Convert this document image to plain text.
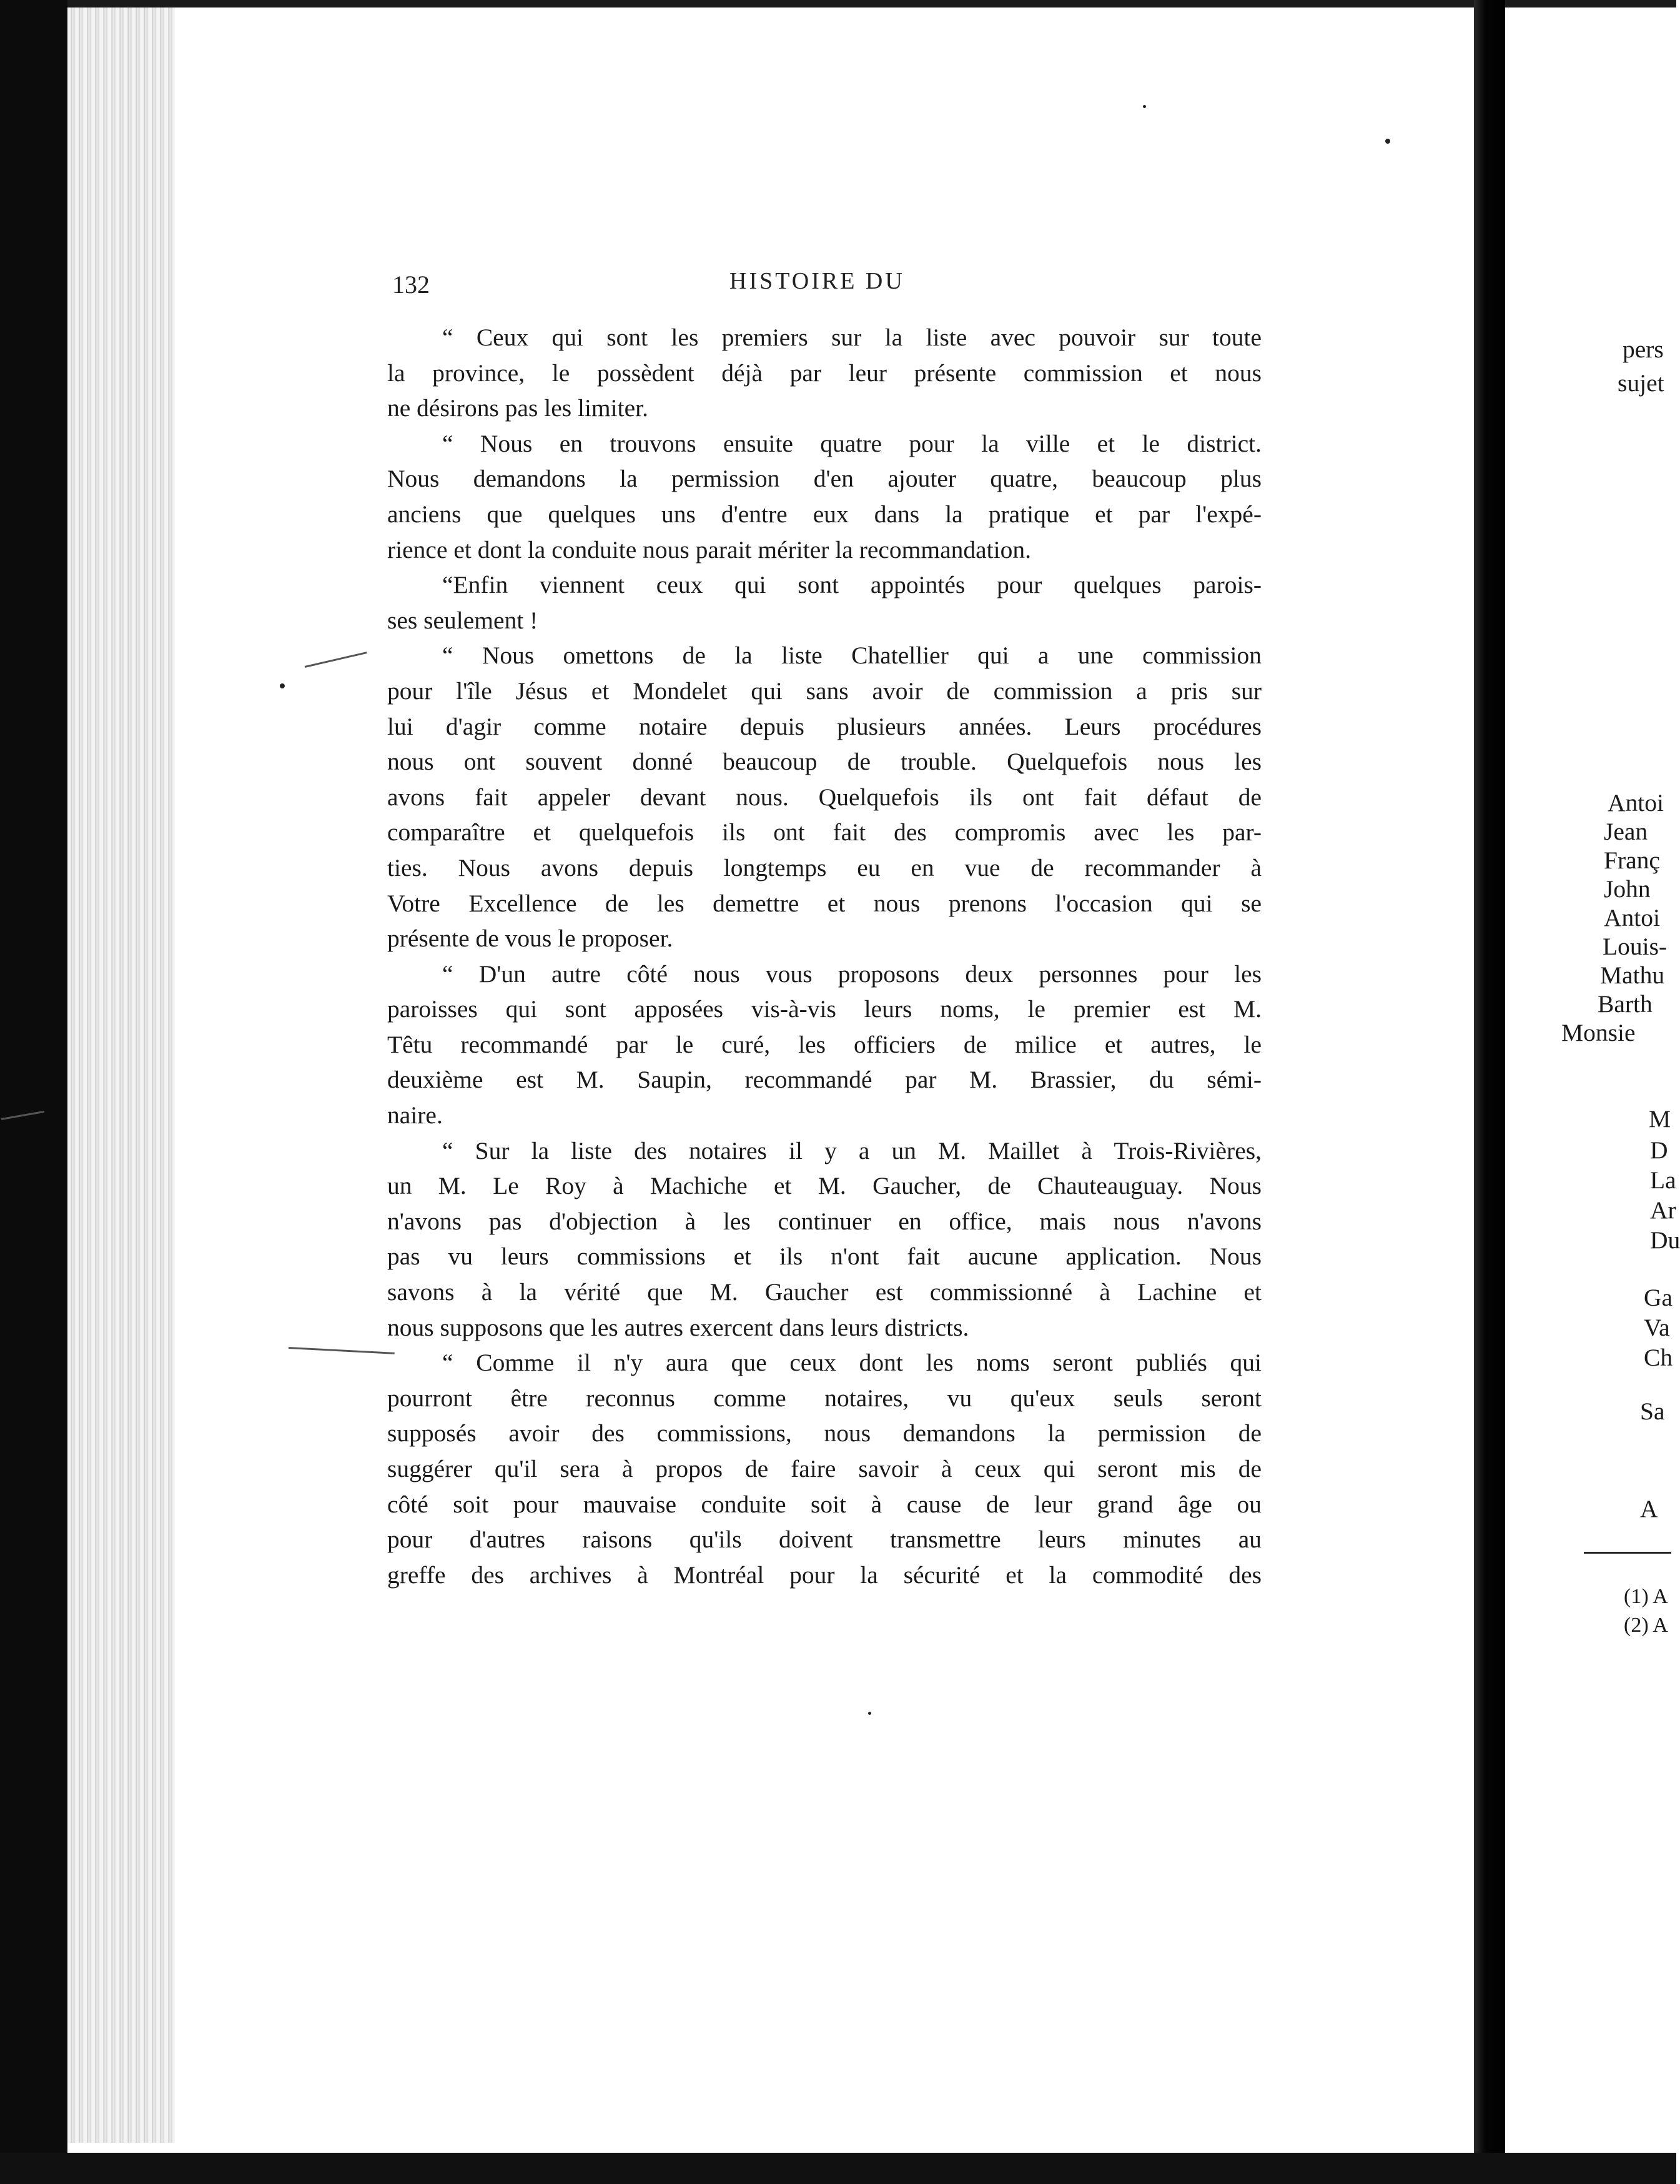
132	HISTOIRE DU
“ Ceux qui sont les premiers sur la liste avec pouvoir sur toute
la province, le possèdent déjà par leur présente commission et nous
ne désirons pas les limiter.
“ Nous en trouvons ensuite quatre pour la ville et le district.
Nous demandons la permission d'en ajouter quatre, beaucoup plus
anciens que quelques uns d'entre eux dans la pratique et par l'expé-
rience et dont la conduite nous parait mériter la recommandation.
“Enfin viennent ceux qui sont appointés pour quelques parois-
ses seulement !
“ Nous omettons de la liste Chatellier qui a une commission
pour l'île Jésus et Mondelet qui sans avoir de commission a pris sur
lui d'agir comme notaire depuis plusieurs années. Leurs procédures
nous ont souvent donné beaucoup de trouble. Quelquefois nous les
avons fait appeler devant nous. Quelquefois ils ont fait défaut de
comparaître et quelquefois ils ont fait des compromis avec les par-
ties. Nous avons depuis longtemps eu en vue de recommander à
Votre Excellence de les demettre et nous prenons l'occasion qui se
présente de vous le proposer.
“ D'un autre côté nous vous proposons deux personnes pour les
paroisses qui sont apposées vis-à-vis leurs noms, le premier est M.
Têtu recommandé par le curé, les officiers de milice et autres, le
deuxième est M. Saupin, recommandé par M. Brassier, du sémi-
naire.
“ Sur la liste des notaires il y a un M. Maillet à Trois-Rivières,
un M. Le Roy à Machiche et M. Gaucher, de Chauteauguay. Nous
n'avons pas d'objection à les continuer en office, mais nous n'avons
pas vu leurs commissions et ils n'ont fait aucune application. Nous
savons à la vérité que M. Gaucher est commissionné à Lachine et
nous supposons que les autres exercent dans leurs districts.
“ Comme il n'y aura que ceux dont les noms seront publiés qui
pourront être reconnus comme notaires, vu qu'eux seuls seront
supposés avoir des commissions, nous demandons la permission de
suggérer qu'il sera à propos de faire savoir à ceux qui seront mis de
côté soit pour mauvaise conduite soit à cause de leur grand âge ou
pour d'autres raisons qu'ils doivent transmettre leurs minutes au
greffe des archives à Montréal pour la sécurité et la commodité des
pers
sujet
Antoi
Jean
Franç
John
Antoi
Louis-
Mathu
Barth
Monsie
M
D
La
Ar
Du
Ga
Va
Ch
Sa
A
(1) A
(2) A
